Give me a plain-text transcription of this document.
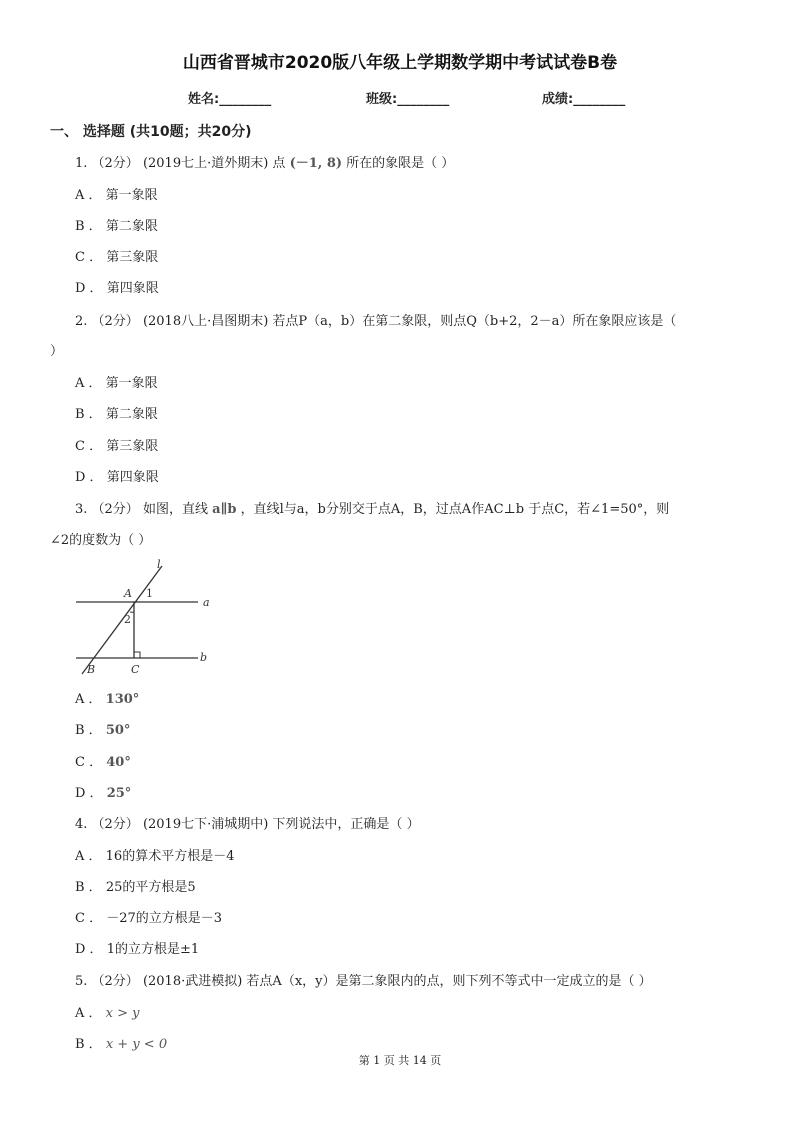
山西省晋城市2020版八年级上学期数学期中考试试卷B卷
姓名:________	班级:________	成绩:________
一、 选择题 (共10题；共20分)
1. （2分） (2019七上·道外期末) 点 (－1, 8) 所在的象限是（ ）
A ． 第一象限
B ． 第二象限
C ． 第三象限
D ． 第四象限
2. （2分） (2018八上·昌图期末) 若点P（a，b）在第二象限，则点Q（b+2，2－a）所在象限应该是（
）
A ． 第一象限
B ． 第二象限
C ． 第三象限
D ． 第四象限
3. （2分） 如图，直线 a∥b ，直线l与a，b分别交于点A，B，过点A作AC⊥b 于点C，若∠1=50°，则
∠2的度数为（ ）
l
A 1
2
a
b
B	C
A ． 130°
B ． 50°
C ． 40°
D ． 25°
4. （2分） (2019七下·浦城期中) 下列说法中，正确是（ ）
A ． 16的算术平方根是－4
B ． 25的平方根是5
C ． －27的立方根是－3
D ． 1的立方根是±1
5. （2分） (2018·武进模拟) 若点A（x，y）是第二象限内的点，则下列不等式中一定成立的是（ ）
A ． x > y
B ． x + y < 0
第 1 页 共 14 页
